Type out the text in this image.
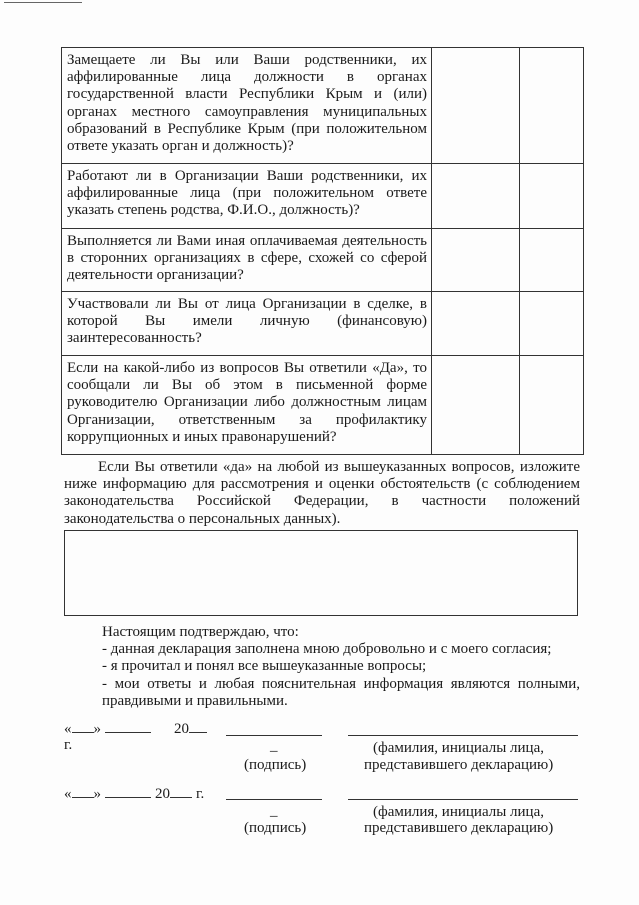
Замещаете ли Вы или Ваши родственники, их аффилированные лица должности в органах государственной власти Республики Крым и (или) органах местного самоуправления муниципальных образований в Республике Крым (при положительном ответе указать орган и должность)?		
Работают ли в Организации Ваши родственники, их аффилированные лица (при положительном ответе указать степень родства, Ф.И.О., должность)?		
Выполняется ли Вами иная оплачиваемая деятельность в сторонних организациях в сфере, схожей со сферой деятельности организации?		
Участвовали ли Вы от лица Организации в сделке, в которой Вы имели личную (финансовую) заинтересованность?		
Если на какой-либо из вопросов Вы ответили «Да», то сообщали ли Вы об этом в письменной форме руководителю Организации либо должностным лицам Организации, ответственным за профилактику коррупционных и иных правонарушений?		
Если Вы ответили «да» на любой из вышеуказанных вопросов, изложите ниже информацию для рассмотрения и оценки обстоятельств (с соблюдением законодательства Российской Федерации, в частности положений законодательства о персональных данных).
Настоящим подтверждаю, что:
- данная декларация заполнена мною добровольно и с моего согласия;
- я прочитал и понял все вышеуказанные вопросы;
- мои ответы и любая пояснительная информация являются полными, правдивыми и правильными.
« »	20
г.	_
(подпись)
(фамилия, инициалы лица,
представившего декларацию)
« »	20 г.
_
(подпись)
(фамилия, инициалы лица,
представившего декларацию)
